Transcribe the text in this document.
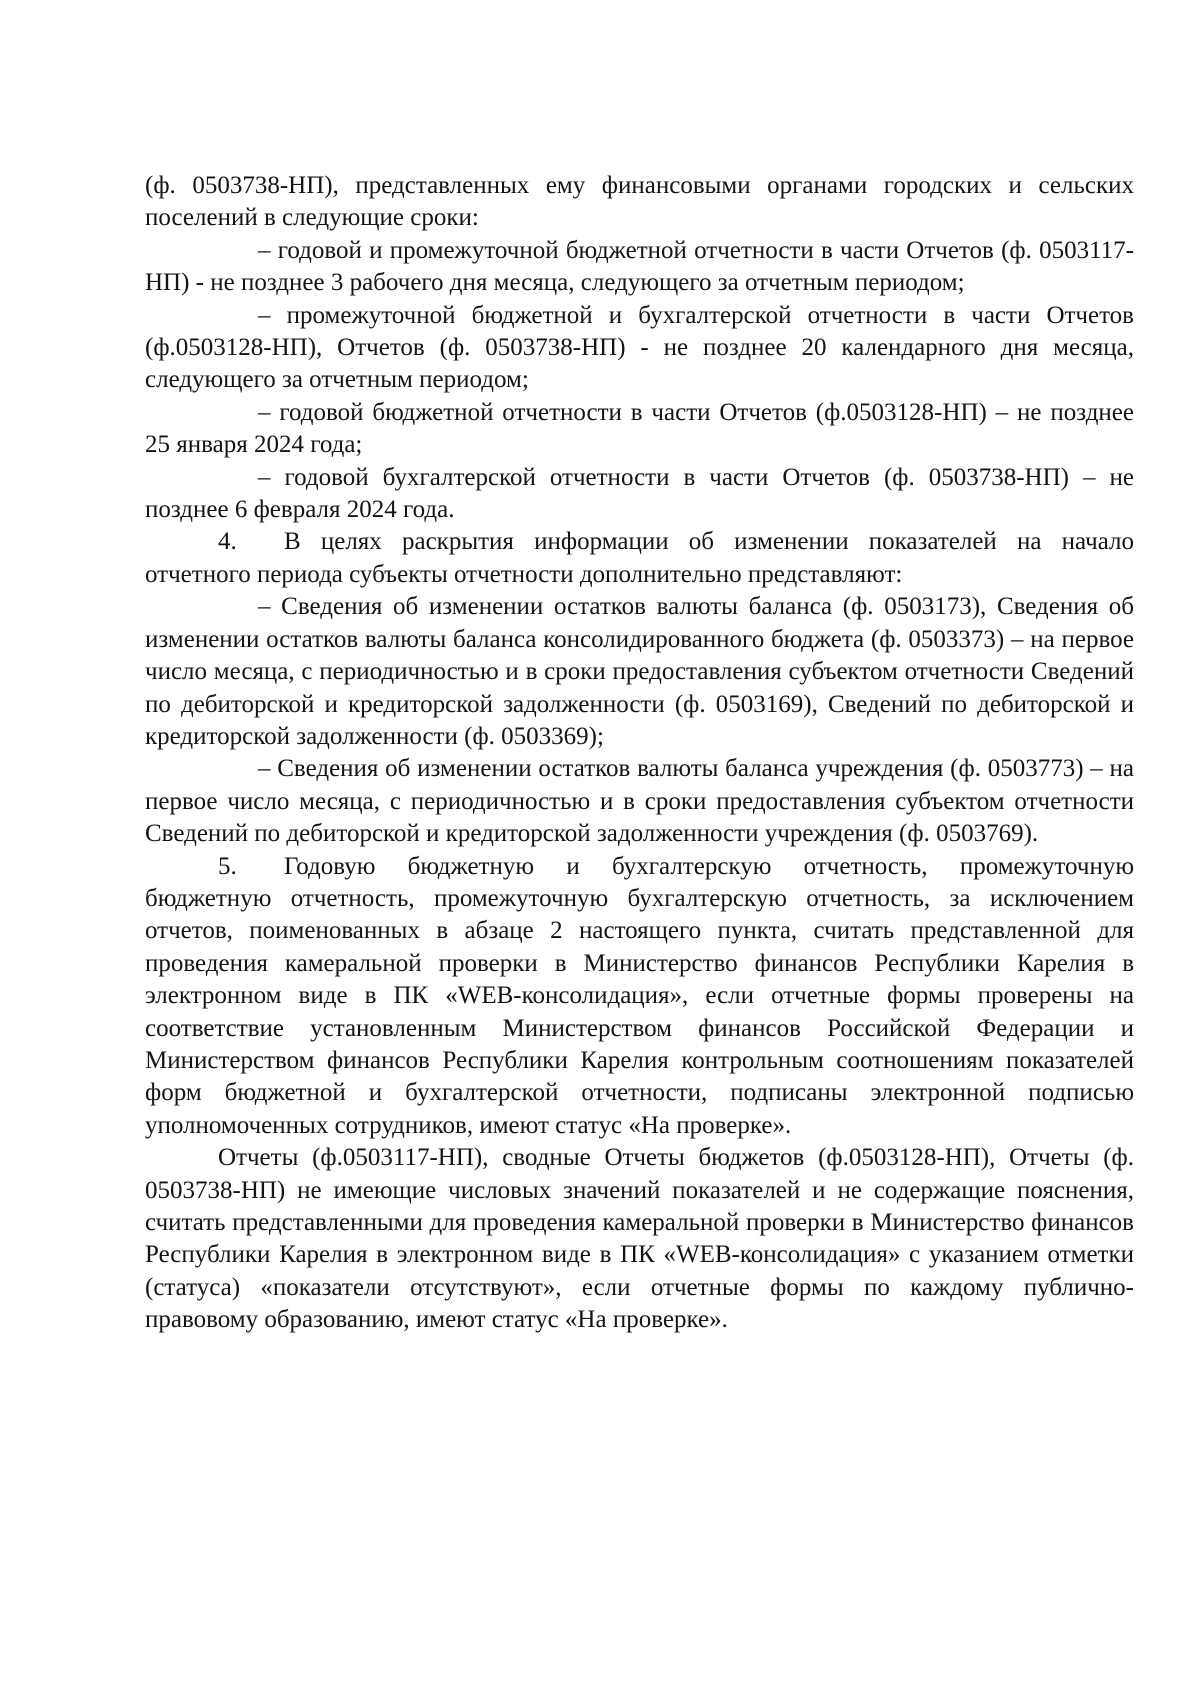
(ф. 0503738-НП), представленных ему финансовыми органами городских и сельских поселений в следующие сроки:

– годовой и промежуточной бюджетной отчетности в части Отчетов (ф. 0503117-НП) - не позднее 3 рабочего дня месяца, следующего за отчетным периодом;

– промежуточной бюджетной и бухгалтерской отчетности в части Отчетов (ф.0503128-НП), Отчетов (ф. 0503738-НП) - не позднее 20 календарного дня месяца, следующего за отчетным периодом;

– годовой бюджетной отчетности в части Отчетов (ф.0503128-НП) – не позднее 25 января 2024 года;

– годовой бухгалтерской отчетности в части Отчетов (ф. 0503738-НП) – не позднее 6 февраля 2024 года.

4. В целях раскрытия информации об изменении показателей на начало отчетного периода субъекты отчетности дополнительно представляют:

– Сведения об изменении остатков валюты баланса (ф. 0503173), Сведения об изменении остатков валюты баланса консолидированного бюджета (ф. 0503373) – на первое число месяца, с периодичностью и в сроки предоставления субъектом отчетности Сведений по дебиторской и кредиторской задолженности (ф. 0503169), Сведений по дебиторской и кредиторской задолженности (ф. 0503369);

– Сведения об изменении остатков валюты баланса учреждения (ф. 0503773) – на первое число месяца, с периодичностью и в сроки предоставления субъектом отчетности Сведений по дебиторской и кредиторской задолженности учреждения (ф. 0503769).

5. Годовую бюджетную и бухгалтерскую отчетность, промежуточную бюджетную отчетность, промежуточную бухгалтерскую отчетность, за исключением отчетов, поименованных в абзаце 2 настоящего пункта, считать представленной для проведения камеральной проверки в Министерство финансов Республики Карелия в электронном виде в ПК «WEB-консолидация», если отчетные формы проверены на соответствие установленным Министерством финансов Российской Федерации и Министерством финансов Республики Карелия контрольным соотношениям показателей форм бюджетной и бухгалтерской отчетности, подписаны электронной подписью уполномоченных сотрудников, имеют статус «На проверке».

Отчеты (ф.0503117-НП), сводные Отчеты бюджетов (ф.0503128-НП), Отчеты (ф. 0503738-НП) не имеющие числовых значений показателей и не содержащие пояснения, считать представленными для проведения камеральной проверки в Министерство финансов Республики Карелия в электронном виде в ПК «WEB-консолидация» с указанием отметки (статуса) «показатели отсутствуют», если отчетные формы по каждому публично-правовому образованию, имеют статус «На проверке».
